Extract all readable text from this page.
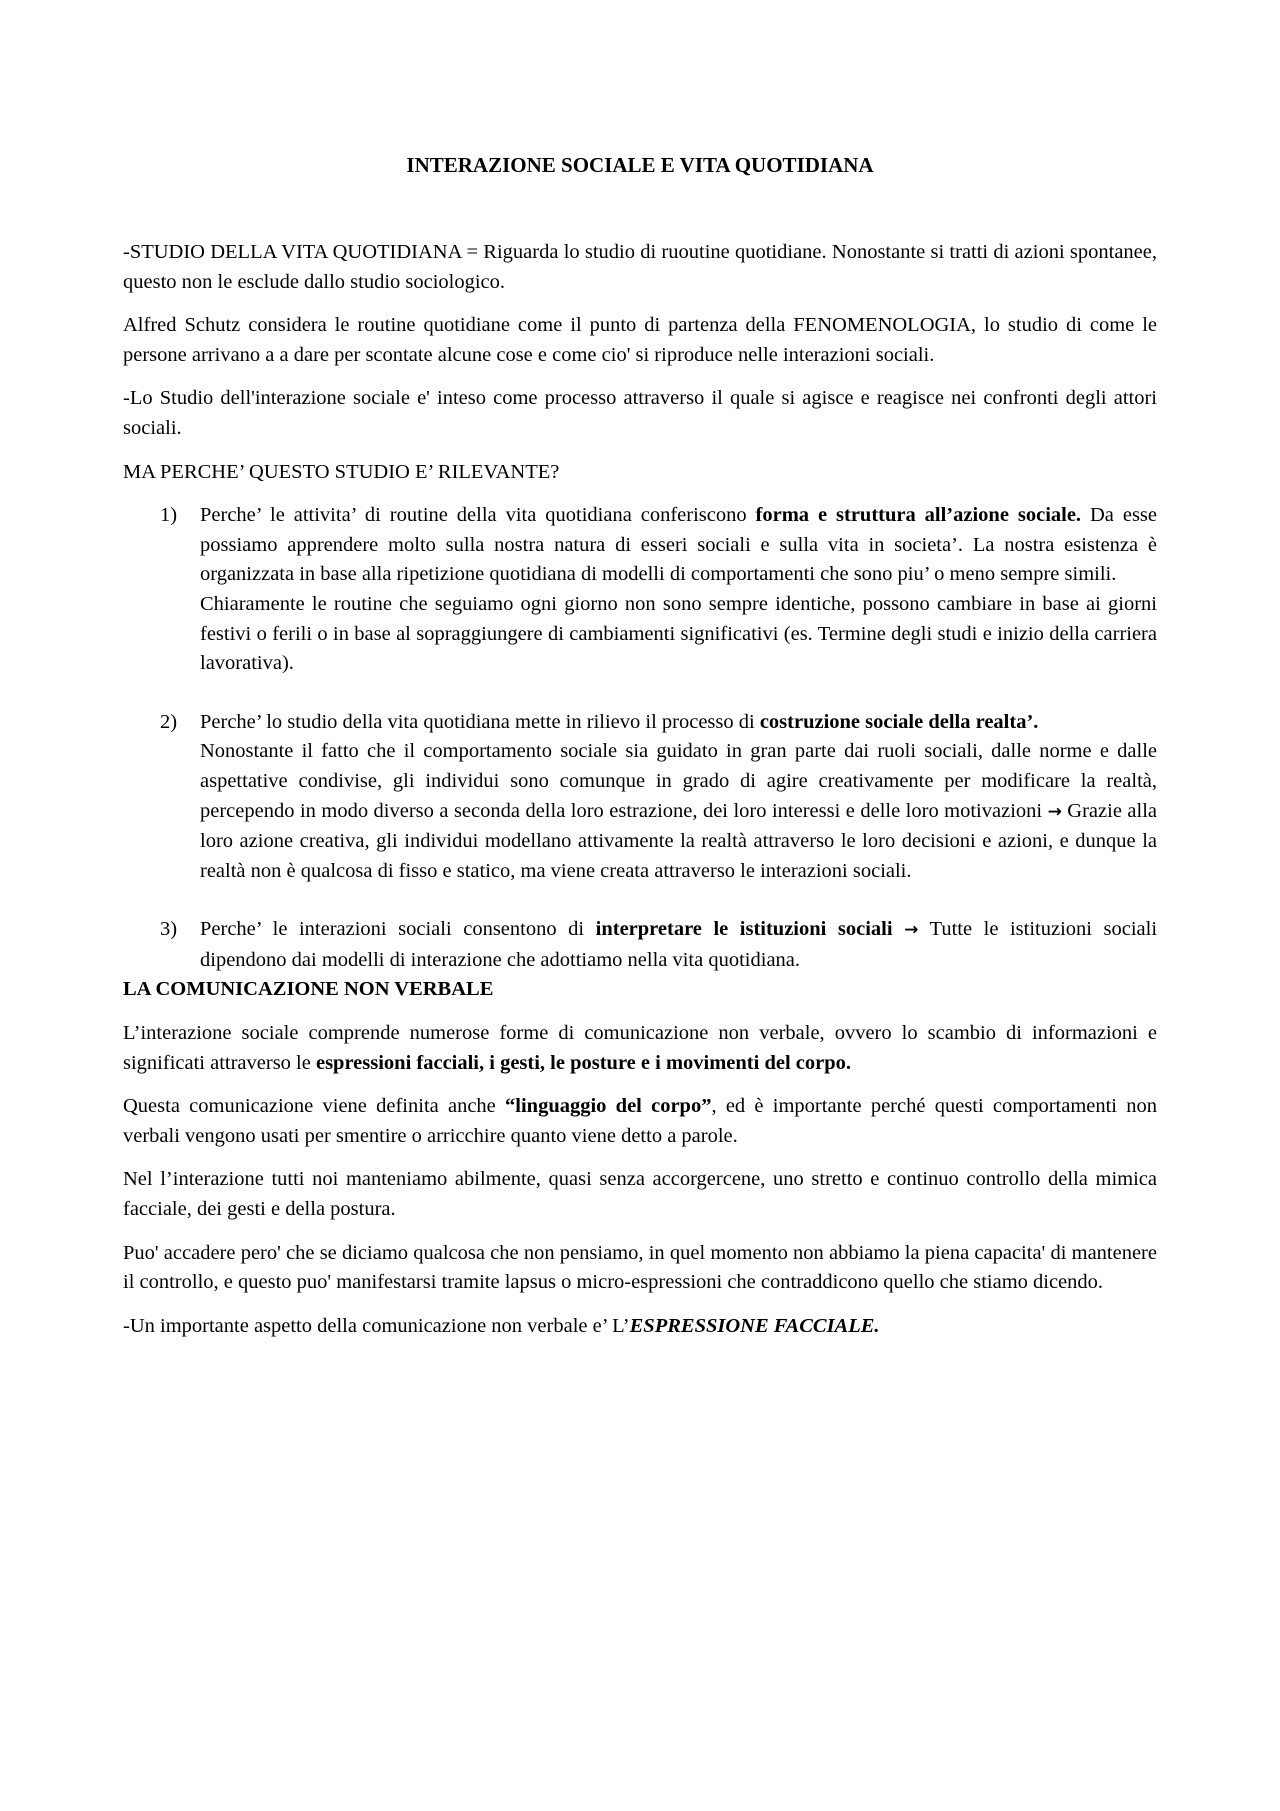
INTERAZIONE SOCIALE E VITA QUOTIDIANA

-STUDIO DELLA VITA QUOTIDIANA = Riguarda lo studio di ruoutine quotidiane. Nonostante si tratti di azioni spontanee, questo non le esclude dallo studio sociologico.

Alfred Schutz considera le routine quotidiane come il punto di partenza della FENOMENOLOGIA, lo studio di come le persone arrivano a a dare per scontate alcune cose e come cio' si riproduce nelle interazioni sociali.

-Lo Studio dell'interazione sociale e' inteso come processo attraverso il quale si agisce e reagisce nei confronti degli attori sociali.

MA PERCHE’ QUESTO STUDIO E’ RILEVANTE?
1) Perche’ le attivita’ di routine della vita quotidiana conferiscono forma e struttura all’azione sociale. Da esse possiamo apprendere molto sulla nostra natura di esseri sociali e sulla vita in societa’. La nostra esistenza è organizzata in base alla ripetizione quotidiana di modelli di comportamenti che sono piu’ o meno sempre simili.
Chiaramente le routine che seguiamo ogni giorno non sono sempre identiche, possono cambiare in base ai giorni festivi o ferili o in base al sopraggiungere di cambiamenti significativi (es. Termine degli studi e inizio della carriera lavorativa).
2) Perche’ lo studio della vita quotidiana mette in rilievo il processo di costruzione sociale della realta’.
Nonostante il fatto che il comportamento sociale sia guidato in gran parte dai ruoli sociali, dalle norme e dalle aspettative condivise, gli individui sono comunque in grado di agire creativamente per modificare la realtà, percependo in modo diverso a seconda della loro estrazione, dei loro interessi e delle loro motivazioni → Grazie alla loro azione creativa, gli individui modellano attivamente la realtà attraverso le loro decisioni e azioni, e dunque la realtà non è qualcosa di fisso e statico, ma viene creata attraverso le interazioni sociali.
3) Perche’ le interazioni sociali consentono di interpretare le istituzioni sociali → Tutte le istituzioni sociali dipendono dai modelli di interazione che adottiamo nella vita quotidiana.
LA COMUNICAZIONE NON VERBALE

L’interazione sociale comprende numerose forme di comunicazione non verbale, ovvero lo scambio di informazioni e significati attraverso le espressioni facciali, i gesti, le posture e i movimenti del corpo.

Questa comunicazione viene definita anche “linguaggio del corpo”, ed è importante perché questi comportamenti non verbali vengono usati per smentire o arricchire quanto viene detto a parole.

Nel l’interazione tutti noi manteniamo abilmente, quasi senza accorgercene, uno stretto e continuo controllo della mimica facciale, dei gesti e della postura.

Puo' accadere pero' che se diciamo qualcosa che non pensiamo, in quel momento non abbiamo la piena capacita' di mantenere il controllo, e questo puo' manifestarsi tramite lapsus o micro-espressioni che contraddicono quello che stiamo dicendo.

-Un importante aspetto della comunicazione non verbale e’ L’ESPRESSIONE FACCIALE.
